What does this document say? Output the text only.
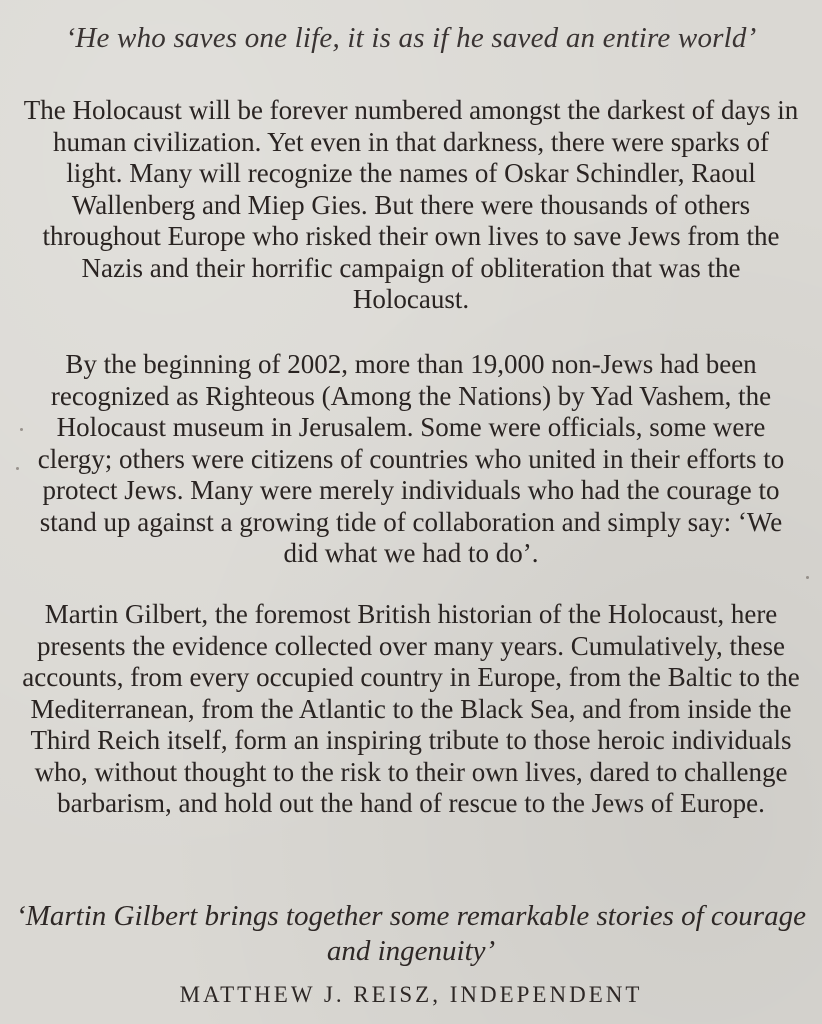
‘He who saves one life, it is as if he saved an entire world’

The Holocaust will be forever numbered amongst the darkest of days in human civilization. Yet even in that darkness, there were sparks of light. Many will recognize the names of Oskar Schindler, Raoul Wallenberg and Miep Gies. But there were thousands of others throughout Europe who risked their own lives to save Jews from the Nazis and their horrific campaign of obliteration that was the Holocaust.

By the beginning of 2002, more than 19,000 non-Jews had been recognized as Righteous (Among the Nations) by Yad Vashem, the Holocaust museum in Jerusalem. Some were officials, some were clergy; others were citizens of countries who united in their efforts to protect Jews. Many were merely individuals who had the courage to stand up against a growing tide of collaboration and simply say: ‘We did what we had to do’.

Martin Gilbert, the foremost British historian of the Holocaust, here presents the evidence collected over many years. Cumulatively, these accounts, from every occupied country in Europe, from the Baltic to the Mediterranean, from the Atlantic to the Black Sea, and from inside the Third Reich itself, form an inspiring tribute to those heroic individuals who, without thought to the risk to their own lives, dared to challenge barbarism, and hold out the hand of rescue to the Jews of Europe.

‘Martin Gilbert brings together some remarkable stories of courage and ingenuity’
MATTHEW J. REISZ, INDEPENDENT
